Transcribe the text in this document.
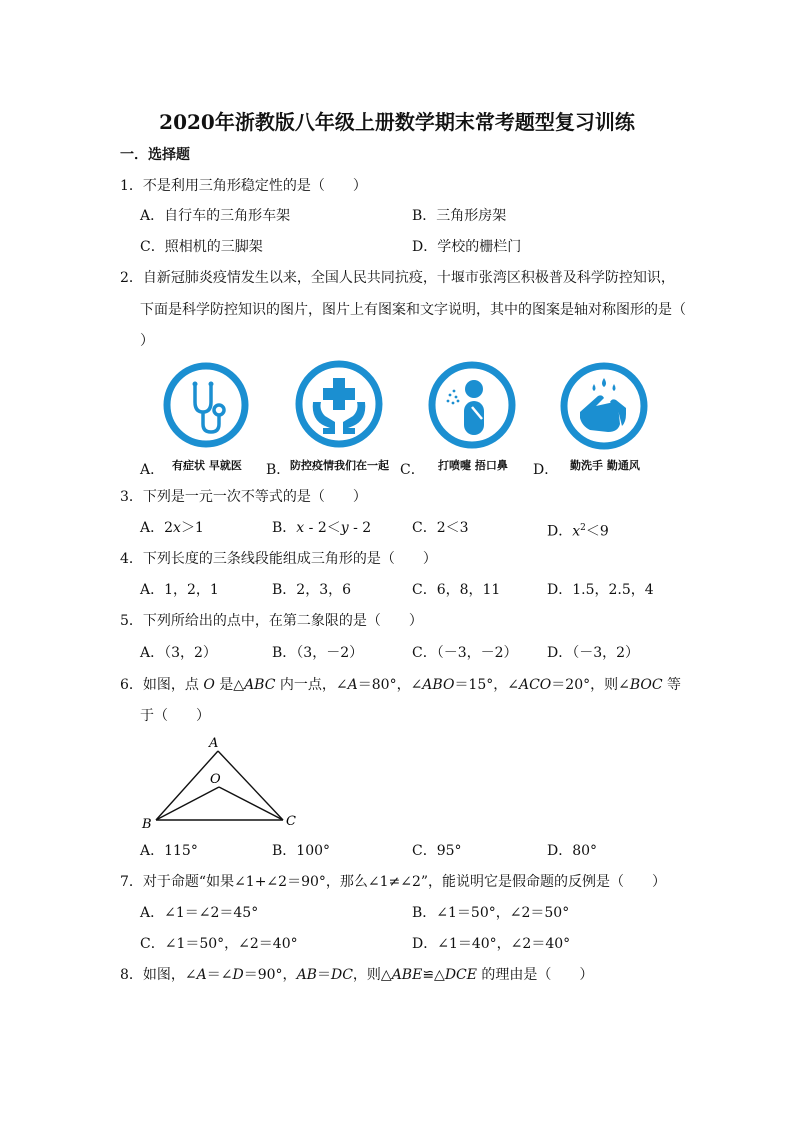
2020年浙教版八年级上册数学期末常考题型复习训练
一．选择题
1．不是利用三角形稳定性的是（　　）
A．自行车的三角形车架	B．三角形房架
C．照相机的三脚架	D．学校的栅栏门
2．自新冠肺炎疫情发生以来，全国人民共同抗疫，十堰市张湾区积极普及科学防控知识，
下面是科学防控知识的图片，图片上有图案和文字说明，其中的图案是轴对称图形的是（
）
A． 有症状 早就医 B． 防控疫情我们在一起 C． 打喷嚏 捂口鼻 D． 勤洗手 勤通风
3．下列是一元一次不等式的是（　　）
A．2x＞1	B．x - 2＜y - 2	C．2＜3	D．$x^2<9$
4．下列长度的三条线段能组成三角形的是（　　）
A．1，2，1	B．2，3，6	C．6，8，11	D．1.5，2.5，4
5．下列所给出的点中，在第二象限的是（　　）
A．（3，2）	B．（3，－2）	C．（－3，－2） D．（－3，2）
6．如图，点 O 是△ABC 内一点，∠A＝80°，∠ABO＝15°，∠ACO＝20°，则∠BOC 等
于（　　）
A
O
B	C
A．115°	B．100°	C．95°	D．80°
7．对于命题“如果∠1+∠2＝90°，那么∠1≠∠2”，能说明它是假命题的反例是（　　）
A．∠1＝∠2＝45°	B．∠1＝50°，∠2＝50°
C．∠1＝50°，∠2＝40°	D．∠1＝40°，∠2＝40°
8．如图，∠A＝∠D＝90°，AB＝DC，则△ABE≌△DCE 的理由是（　　）
